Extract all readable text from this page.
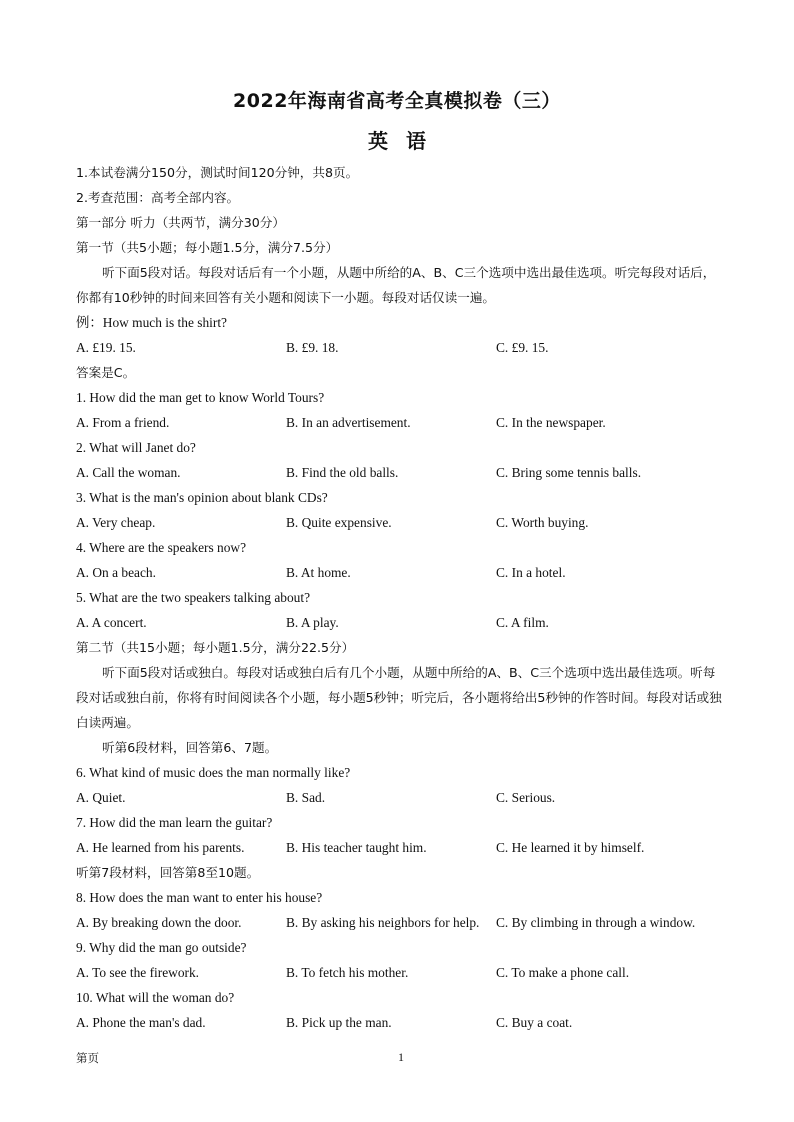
2022年海南省高考全真模拟卷（三）
英语
1.本试卷满分150分，测试时间120分钟，共8页。
2.考查范围：高考全部内容。
第一部分 听力（共两节，满分30分）
第一节（共5小题；每小题1.5分，满分7.5分）

听下面5段对话。每段对话后有一个小题，从题中所给的A、B、C三个选项中选出最佳选项。听完每段对话后，你都有10秒钟的时间来回答有关小题和阅读下一小题。每段对话仅读一遍。

例：How much is the shirt?
A. £19. 15.	B. £9. 18.	C. £9. 15.
答案是C。
1. How did the man get to know World Tours?
A. From a friend.	B. In an advertisement.	C. In the newspaper.
2. What will Janet do?
A. Call the woman.	B. Find the old balls.	C. Bring some tennis balls.
3. What is the man's opinion about blank CDs?
A. Very cheap.	B. Quite expensive.	C. Worth buying.
4. Where are the speakers now?
A. On a beach.	B. At home.	C. In a hotel.
5. What are the two speakers talking about?
A. A concert.	B. A play.	C. A film.
第二节（共15小题；每小题1.5分，满分22.5分）

听下面5段对话或独白。每段对话或独白后有几个小题，从题中所给的A、B、C三个选项中选出最佳选项。听每段对话或独白前，你将有时间阅读各个小题，每小题5秒钟；听完后，各小题将给出5秒钟的作答时间。每段对话或独白读两遍。

听第6段材料，回答第6、7题。
6. What kind of music does the man normally like?
A. Quiet.	B. Sad.	C. Serious.
7. How did the man learn the guitar?
A. He learned from his parents.	B. His teacher taught him.	C. He learned it by himself.
听第7段材料，回答第8至10题。
8. How does the man want to enter his house?
A. By breaking down the door.	B. By asking his neighbors for help. C. By climbing in through a window.
9. Why did the man go outside?
A. To see the firework.	B. To fetch his mother.	C. To make a phone call.
10. What will the woman do?
A. Phone the man's dad.	B. Pick up the man.	C. Buy a coat.
第页	1
